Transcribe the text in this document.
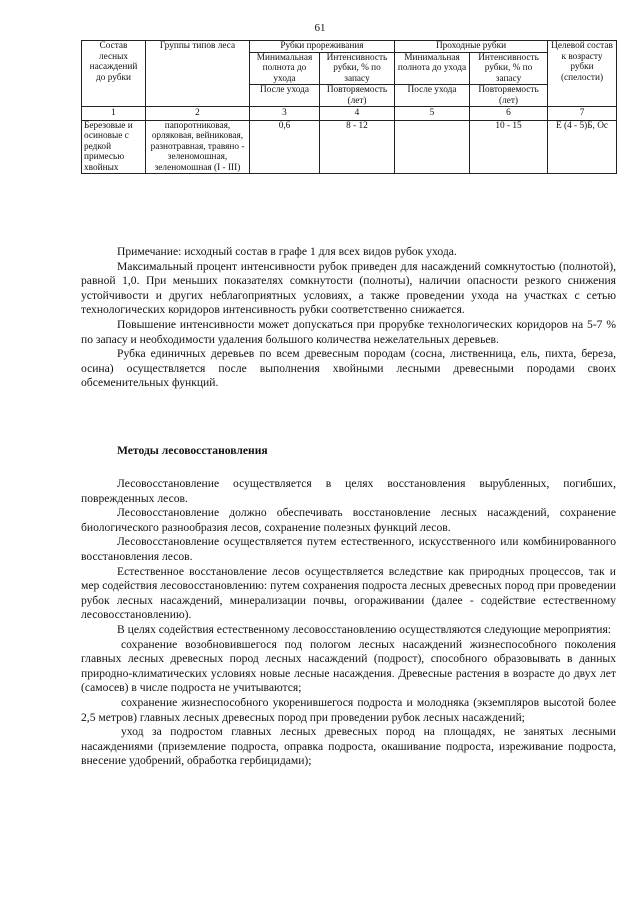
61
Состав лесных насаждений до рубки	Группы типов леса	Рубки прореживания		Проходные рубки		Целевой состав к возрасту рубки (спелости)
		Минимальная полнота до ухода	Интенсивность рубки, % по запасу	Минимальная полнота до ухода	Интенсивность рубки, % по запасу	
		После ухода	Повторяемость (лет)	После ухода	Повторяемость (лет)	
1	2	3	4	5	6	7
Березовые и осиновые с редкой примесью хвойных	папоротниковая, орляковая, вейниковая, разнотравная, травяно - зеленомошная, зеленомошная (I - III)	0,6	8 - 12		10 - 15	Е (4 - 5)Б, Ос

Примечание: исходный состав в графе 1 для всех видов рубок ухода.

Максимальный процент интенсивности рубок приведен для насаждений сомкнутостью (полнотой), равной 1,0. При меньших показателях сомкнутости (полноты), наличии опасности резкого снижения устойчивости и других неблагоприятных условиях, а также проведении ухода на участках с сетью технологических коридоров интенсивность рубки соответственно снижается.

Повышение интенсивности может допускаться при прорубке технологических коридоров на 5-7 % по запасу и необходимости удаления большого количества нежелательных деревьев.

Рубка единичных деревьев по всем древесным породам (сосна, лиственница, ель, пихта, береза, осина) осуществляется после выполнения хвойными лесными древесными породами своих обсеменительных функций.

Методы лесовосстановления

Лесовосстановление осуществляется в целях восстановления вырубленных, погибших, поврежденных лесов.

Лесовосстановление должно обеспечивать восстановление лесных насаждений, сохранение биологического разнообразия лесов, сохранение полезных функций лесов.

Лесовосстановление осуществляется путем естественного, искусственного или комбинированного восстановления лесов.

Естественное восстановление лесов осуществляется вследствие как природных процессов, так и мер содействия лесовосстановлению: путем сохранения подроста лесных древесных пород при проведении рубок лесных насаждений, минерализации почвы, огораживании (далее - содействие естественному лесовосстановлению).

В целях содействия естественному лесовосстановлению осуществляются следующие мероприятия:

сохранение возобновившегося под пологом лесных насаждений жизнеспособного поколения главных лесных древесных пород лесных насаждений (подрост), способного образовывать в данных природно-климатических условиях новые лесные насаждения. Древесные растения в возрасте до двух лет (самосев) в числе подроста не учитываются;

сохранение жизнеспособного укоренившегося подроста и молодняка (экземпляров высотой более 2,5 метров) главных лесных древесных пород при проведении рубок лесных насаждений;

уход за подростом главных лесных древесных пород на площадях, не занятых лесными насаждениями (приземление подроста, оправка подроста, окашивание подроста, изреживание подроста, внесение удобрений, обработка гербицидами);
